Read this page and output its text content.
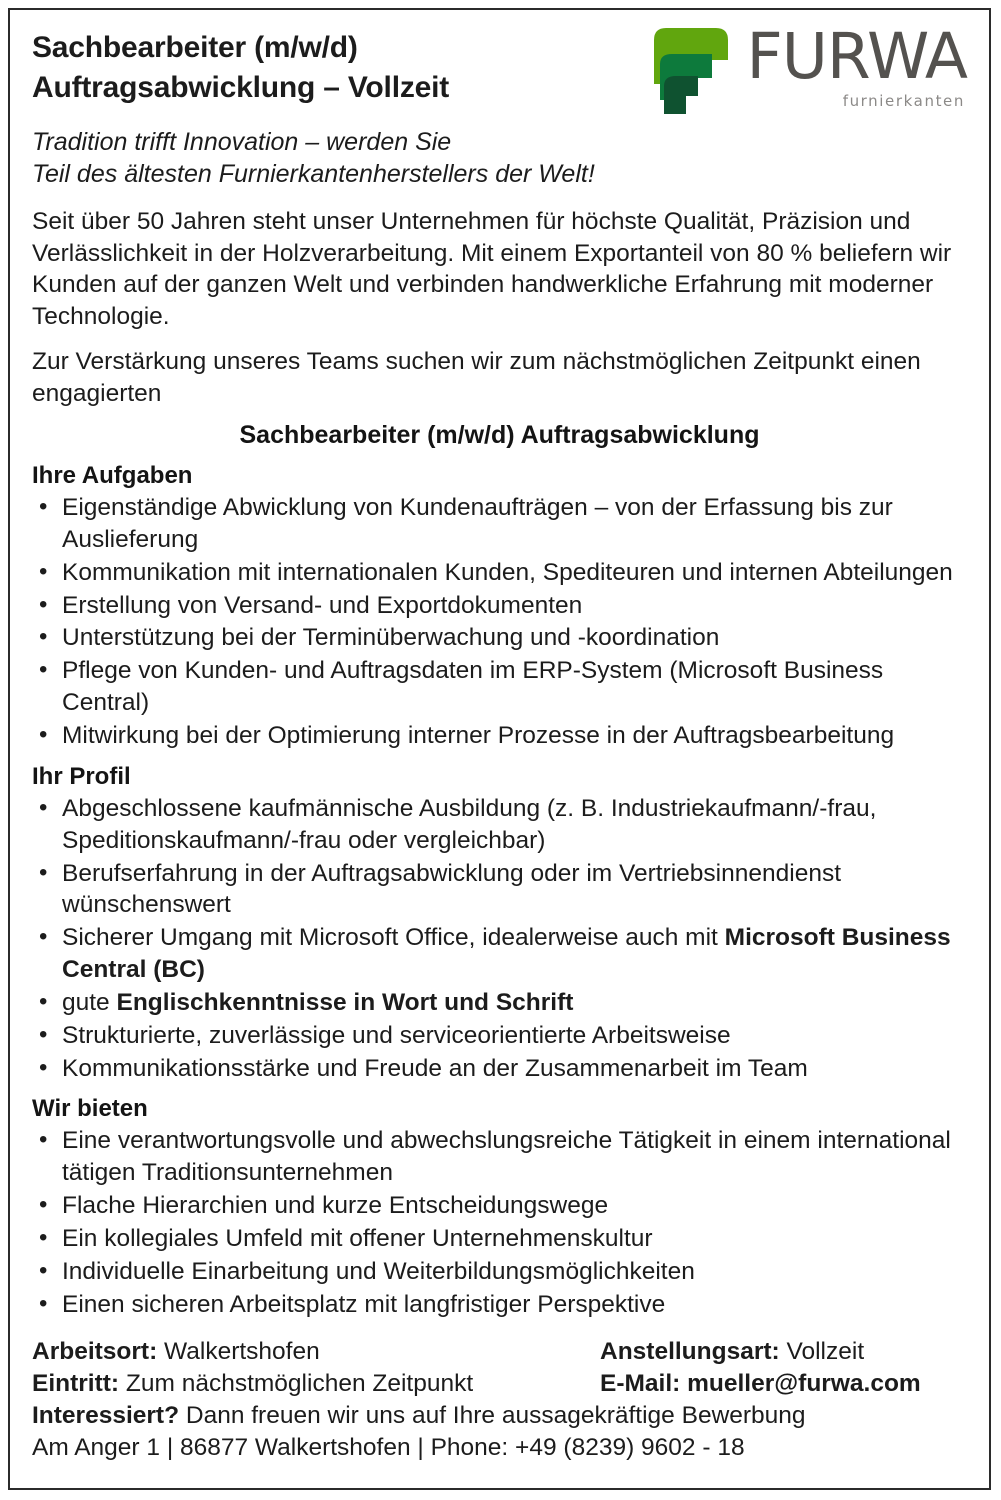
Sachbearbeiter (m/w/d)
Auftragsabwicklung – Vollzeit	FURWA
furnierkanten
Tradition trifft Innovation – werden Sie
Teil des ältesten Furnierkantenherstellers der Welt!
Seit über 50 Jahren steht unser Unternehmen für höchste Qualität, Präzision und Verlässlichkeit in der Holzverarbeitung. Mit einem Exportanteil von 80 % beliefern wir Kunden auf der ganzen Welt und verbinden handwerkliche Erfahrung mit moderner Technologie.
Zur Verstärkung unseres Teams suchen wir zum nächstmöglichen Zeitpunkt einen engagierten
Sachbearbeiter (m/w/d) Auftragsabwicklung
Ihre Aufgaben
• Eigenständige Abwicklung von Kundenaufträgen – von der Erfassung bis zur Auslieferung
• Kommunikation mit internationalen Kunden, Spediteuren und internen Abteilungen
• Erstellung von Versand- und Exportdokumenten
• Unterstützung bei der Terminüberwachung und -koordination
• Pflege von Kunden- und Auftragsdaten im ERP-System (Microsoft Business Central)
• Mitwirkung bei der Optimierung interner Prozesse in der Auftragsbearbeitung
Ihr Profil
• Abgeschlossene kaufmännische Ausbildung (z. B. Industriekaufmann/-frau, Speditionskaufmann/-frau oder vergleichbar)
• Berufserfahrung in der Auftragsabwicklung oder im Vertriebsinnendienst wünschenswert
• Sicherer Umgang mit Microsoft Office, idealerweise auch mit Microsoft Business Central (BC)
• gute Englischkenntnisse in Wort und Schrift
• Strukturierte, zuverlässige und serviceorientierte Arbeitsweise
• Kommunikationsstärke und Freude an der Zusammenarbeit im Team
Wir bieten
• Eine verantwortungsvolle und abwechslungsreiche Tätigkeit in einem international tätigen Traditionsunternehmen
• Flache Hierarchien und kurze Entscheidungswege
• Ein kollegiales Umfeld mit offener Unternehmenskultur
• Individuelle Einarbeitung und Weiterbildungsmöglichkeiten
• Einen sicheren Arbeitsplatz mit langfristiger Perspektive
Arbeitsort: Walkertshofen	Anstellungsart: Vollzeit
Eintritt: Zum nächstmöglichen Zeitpunkt	E-Mail: mueller@furwa.com
Interessiert? Dann freuen wir uns auf Ihre aussagekräftige Bewerbung
Am Anger 1 | 86877 Walkertshofen | Phone: +49 (8239) 9602 - 18
